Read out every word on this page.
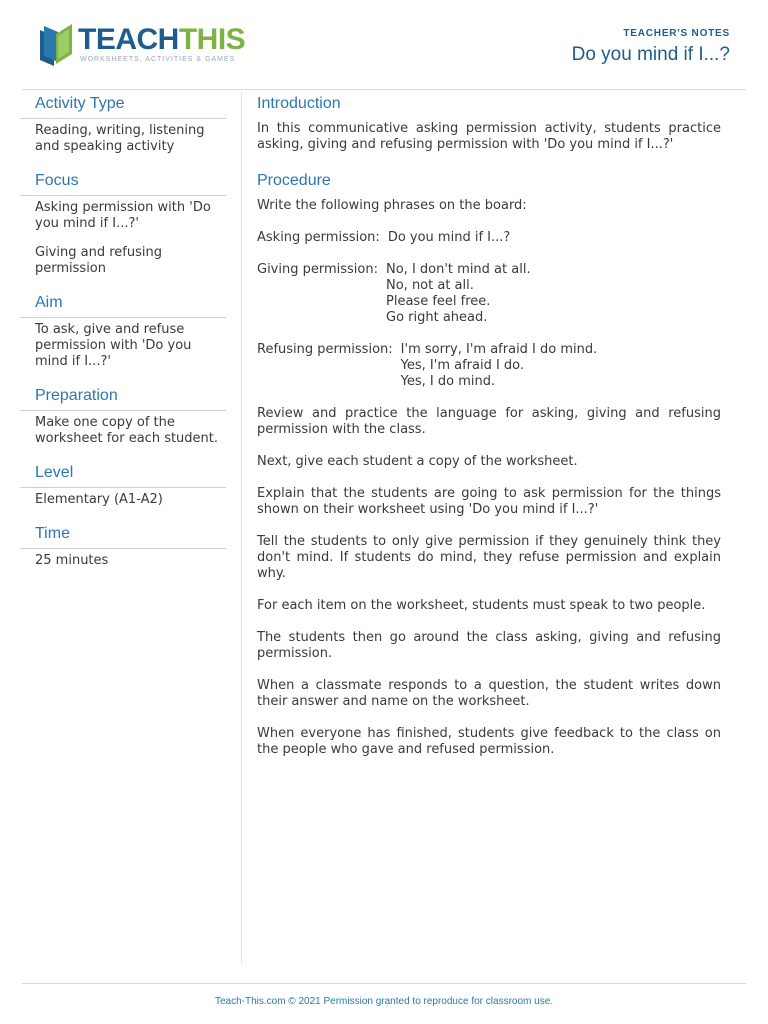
TEACHTHIS
WORKSHEETS, ACTIVITIES & GAMES
TEACHER'S NOTES
Do you mind if I...?
Activity Type

Reading, writing, listening and speaking activity

Focus

Asking permission with 'Do you mind if I...?'

Giving and refusing permission

Aim

To ask, give and refuse permission with 'Do you mind if I...?'

Preparation

Make one copy of the worksheet for each student.

Level

Elementary (A1-A2)

Time

25 minutes

Introduction

In this communicative asking permission activity, students practice asking, giving and refusing permission with 'Do you mind if I...?'

Procedure

Write the following phrases on the board:

Asking permission: Do you mind if I...?
Giving permission: No, I don't mind at all.
No, not at all.
Please feel free.
Go right ahead.
Refusing permission: I'm sorry, I'm afraid I do mind.
Yes, I'm afraid I do.
Yes, I do mind.

Review and practice the language for asking, giving and refusing permission with the class.

Next, give each student a copy of the worksheet.

Explain that the students are going to ask permission for the things shown on their worksheet using 'Do you mind if I...?'

Tell the students to only give permission if they genuinely think they don't mind. If students do mind, they refuse permission and explain why.

For each item on the worksheet, students must speak to two people.

The students then go around the class asking, giving and refusing permission.

When a classmate responds to a question, the student writes down their answer and name on the worksheet.

When everyone has finished, students give feedback to the class on the people who gave and refused permission.

Teach-This.com © 2021 Permission granted to reproduce for classroom use.
